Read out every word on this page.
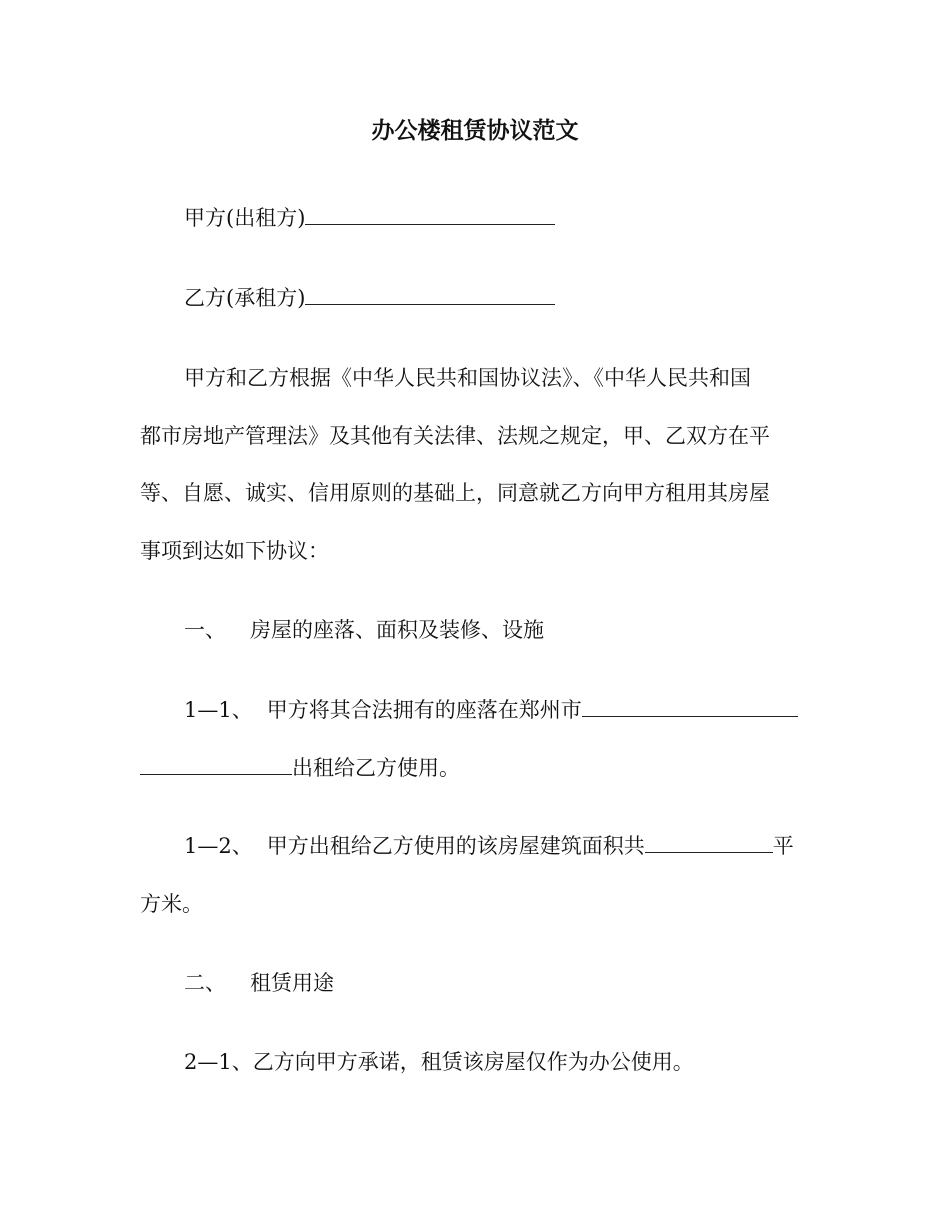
办公楼租赁协议范文
甲方(出租方)
乙方(承租方)
甲方和乙方根据《中华人民共和国协议法》、《中华人民共和国
都市房地产管理法》及其他有关法律、法规之规定，甲、乙双方在平
等、自愿、诚实、信用原则的基础上，同意就乙方向甲方租用其房屋
事项到达如下协议：
一、 房屋的座落、面积及装修、设施
1—1、 甲方将其合法拥有的座落在郑州市
出租给乙方使用。
1—2、 甲方出租给乙方使用的该房屋建筑面积共	平
方米。
二、 租赁用途
2—1、乙方向甲方承诺，租赁该房屋仅作为办公使用。
